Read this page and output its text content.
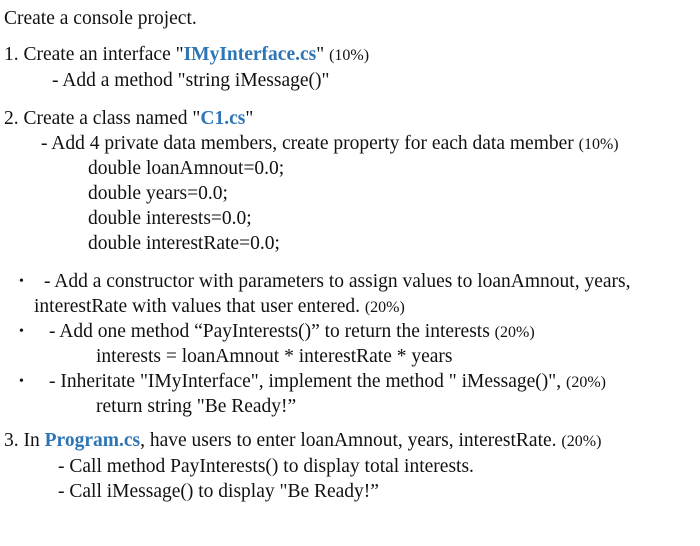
Create a console project.
1. Create an interface "IMyInterface.cs" (10%)
- Add a method "string iMessage()"
2. Create a class named "C1.cs"
- Add 4 private data members, create property for each data member (10%)
double loanAmnout=0.0;
double years=0.0;
double interests=0.0;
double interestRate=0.0;
• - Add a constructor with parameters to assign values to loanAmnout, years,
interestRate with values that user entered. (20%)
• - Add one method “PayInterests()” to return the interests (20%)
interests = loanAmnout * interestRate * years
• - Inheritate "IMyInterface", implement the method " iMessage()", (20%)
return string "Be Ready!”
3. In Program.cs, have users to enter loanAmnout, years, interestRate. (20%)
- Call method PayInterests() to display total interests.
- Call iMessage() to display "Be Ready!”
